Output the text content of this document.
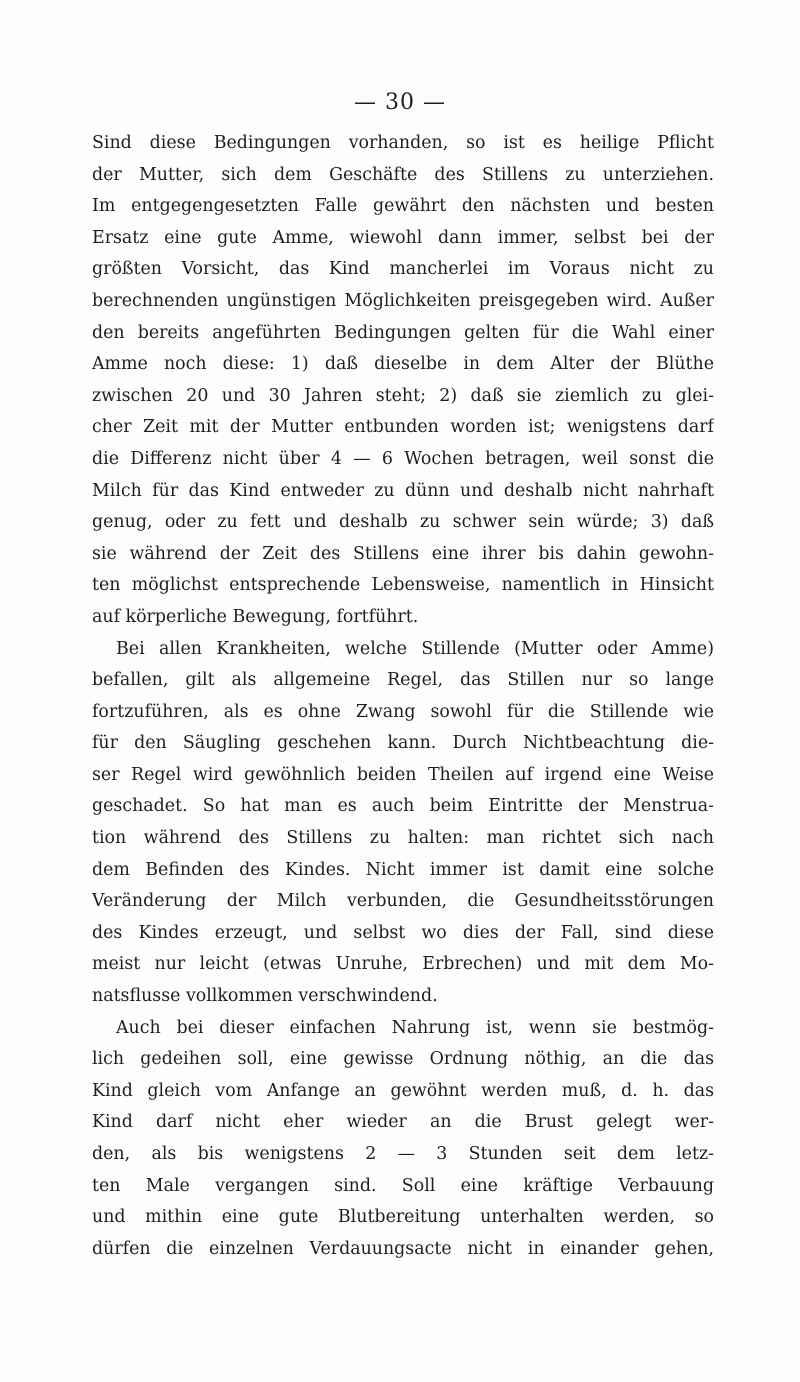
— 30 —
Sind diese Bedingungen vorhanden, so ist es heilige Pflicht
der Mutter, sich dem Geschäfte des Stillens zu unterziehen.
Im entgegengesetzten Falle gewährt den nächsten und besten
Ersatz eine gute Amme, wiewohl dann immer, selbst bei der
größten Vorsicht, das Kind mancherlei im Voraus nicht zu
berechnenden ungünstigen Möglichkeiten preisgegeben wird. Außer
den bereits angeführten Bedingungen gelten für die Wahl einer
Amme noch diese: 1) daß dieselbe in dem Alter der Blüthe
zwischen 20 und 30 Jahren steht; 2) daß sie ziemlich zu glei-
cher Zeit mit der Mutter entbunden worden ist; wenigstens darf
die Differenz nicht über 4 — 6 Wochen betragen, weil sonst die
Milch für das Kind entweder zu dünn und deshalb nicht nahrhaft
genug, oder zu fett und deshalb zu schwer sein würde; 3) daß
sie während der Zeit des Stillens eine ihrer bis dahin gewohn-
ten möglichst entsprechende Lebensweise, namentlich in Hinsicht
auf körperliche Bewegung, fortführt.
Bei allen Krankheiten, welche Stillende (Mutter oder Amme)
befallen, gilt als allgemeine Regel, das Stillen nur so lange
fortzuführen, als es ohne Zwang sowohl für die Stillende wie
für den Säugling geschehen kann. Durch Nichtbeachtung die-
ser Regel wird gewöhnlich beiden Theilen auf irgend eine Weise
geschadet. So hat man es auch beim Eintritte der Menstrua-
tion während des Stillens zu halten: man richtet sich nach
dem Befinden des Kindes. Nicht immer ist damit eine solche
Veränderung der Milch verbunden, die Gesundheitsstörungen
des Kindes erzeugt, und selbst wo dies der Fall, sind diese
meist nur leicht (etwas Unruhe, Erbrechen) und mit dem Mo-
natsflusse vollkommen verschwindend.
Auch bei dieser einfachen Nahrung ist, wenn sie bestmög-
lich gedeihen soll, eine gewisse Ordnung nöthig, an die das
Kind gleich vom Anfange an gewöhnt werden muß, d. h. das
Kind darf nicht eher wieder an die Brust gelegt wer-
den, als bis wenigstens 2 — 3 Stunden seit dem letz-
ten Male vergangen sind. Soll eine kräftige Verbauung
und mithin eine gute Blutbereitung unterhalten werden, so
dürfen die einzelnen Verdauungsacte nicht in einander gehen,
